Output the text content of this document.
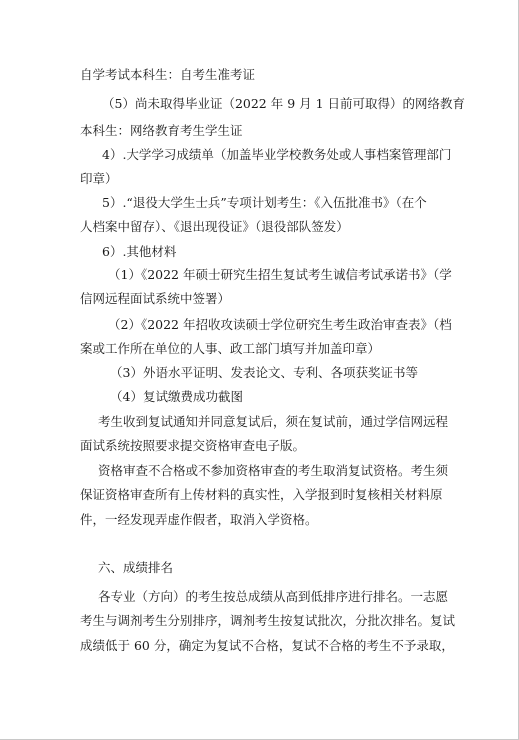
自学考试本科生：自考生准考证
（5）尚未取得毕业证（2022 年 9 月 1 日前可取得）的网络教育
本科生：网络教育考生学生证
4）.大学学习成绩单（加盖毕业学校教务处或人事档案管理部门
印章）
5）.“退役大学生士兵”专项计划考生：《入伍批准书》（在个
人档案中留存）、《退出现役证》（退役部队签发）
6）.其他材料
（1）《2022 年硕士研究生招生复试考生诚信考试承诺书》（学
信网远程面试系统中签署）
（2）《2022 年招收攻读硕士学位研究生考生政治审查表》（档
案或工作所在单位的人事、政工部门填写并加盖印章）
（3）外语水平证明、发表论文、专利、各项获奖证书等
（4）复试缴费成功截图
考生收到复试通知并同意复试后，须在复试前，通过学信网远程
面试系统按照要求提交资格审查电子版。
资格审查不合格或不参加资格审查的考生取消复试资格。考生须
保证资格审查所有上传材料的真实性，入学报到时复核相关材料原
件，一经发现弄虚作假者，取消入学资格。
六、成绩排名
各专业（方向）的考生按总成绩从高到低排序进行排名。一志愿
考生与调剂考生分别排序，调剂考生按复试批次，分批次排名。复试
成绩低于 60 分，确定为复试不合格，复试不合格的考生不予录取，
